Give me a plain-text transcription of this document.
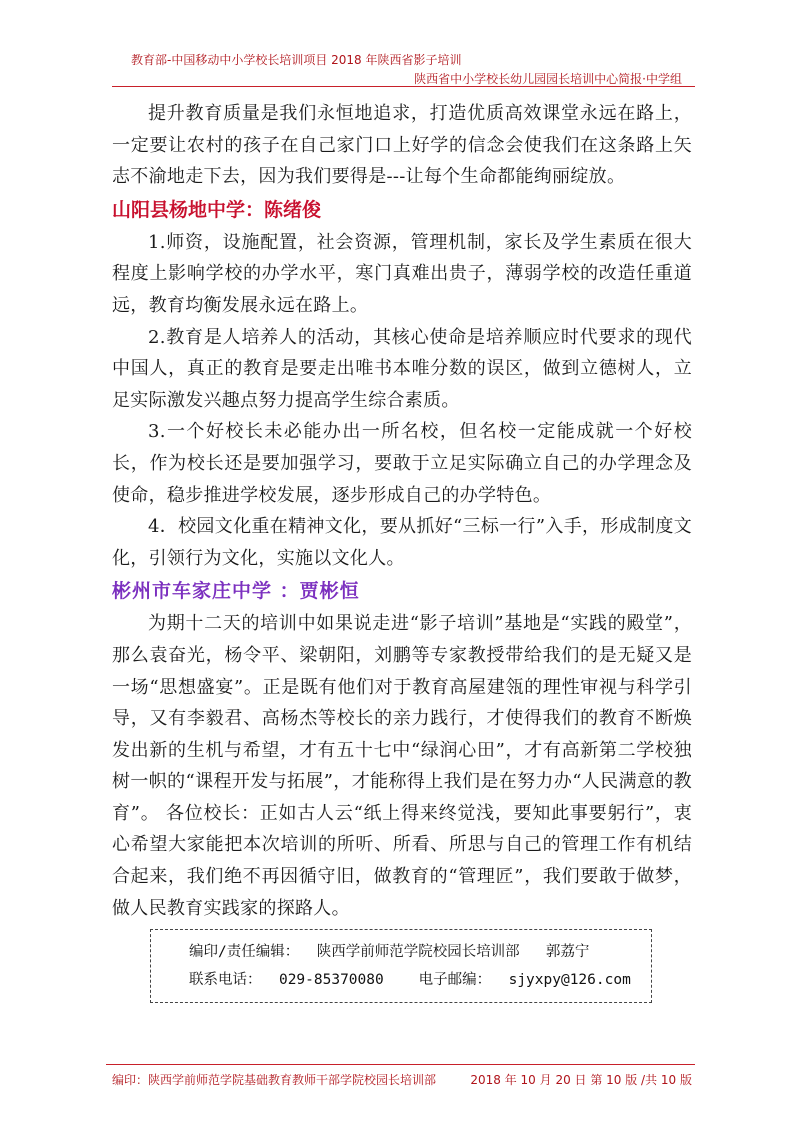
教育部-中国移动中小学校长培训项目 2018 年陕西省影子培训
陕西省中小学校长幼儿园园长培训中心简报·中学组

提升教育质量是我们永恒地追求，打造优质高效课堂永远在路上，一定要让农村的孩子在自己家门口上好学的信念会使我们在这条路上矢志不渝地走下去，因为我们要得是---让每个生命都能绚丽绽放。

山阳县杨地中学：陈绪俊

1.师资，设施配置，社会资源，管理机制，家长及学生素质在很大程度上影响学校的办学水平，寒门真难出贵子，薄弱学校的改造任重道远，教育均衡发展永远在路上。

2.教育是人培养人的活动，其核心使命是培养顺应时代要求的现代中国人，真正的教育是要走出唯书本唯分数的误区，做到立德树人，立足实际激发兴趣点努力提高学生综合素质。

3.一个好校长未必能办出一所名校，但名校一定能成就一个好校长，作为校长还是要加强学习，要敢于立足实际确立自己的办学理念及使命，稳步推进学校发展，逐步形成自己的办学特色。

4．校园文化重在精神文化，要从抓好“三标一行”入手，形成制度文化，引领行为文化，实施以文化人。

彬州市车家庄中学 ：贾彬恒

为期十二天的培训中如果说走进“影子培训”基地是“实践的殿堂”，那么袁奋光，杨令平、梁朝阳，刘鹏等专家教授带给我们的是无疑又是一场“思想盛宴”。正是既有他们对于教育高屋建瓴的理性审视与科学引导，又有李毅君、高杨杰等校长的亲力践行，才使得我们的教育不断焕发出新的生机与希望，才有五十七中“绿润心田”，才有高新第二学校独树一帜的“课程开发与拓展”，才能称得上我们是在努力办“人民满意的教育”。 各位校长：正如古人云“纸上得来终觉浅，要知此事要躬行”，衷心希望大家能把本次培训的所听、所看、所思与自己的管理工作有机结合起来，我们绝不再因循守旧，做教育的“管理匠”，我们要敢于做梦，做人民教育实践家的探路人。

编印/责任编辑：  陕西学前师范学院校园长培训部   郭荔宁
联系电话：  029-85370080    电子邮编：  sjyxpy@126.com
编印：陕西学前师范学院基础教育教师干部学院校园长培训部	2018 年 10 月 20 日 第 10 版 /共 10 版
